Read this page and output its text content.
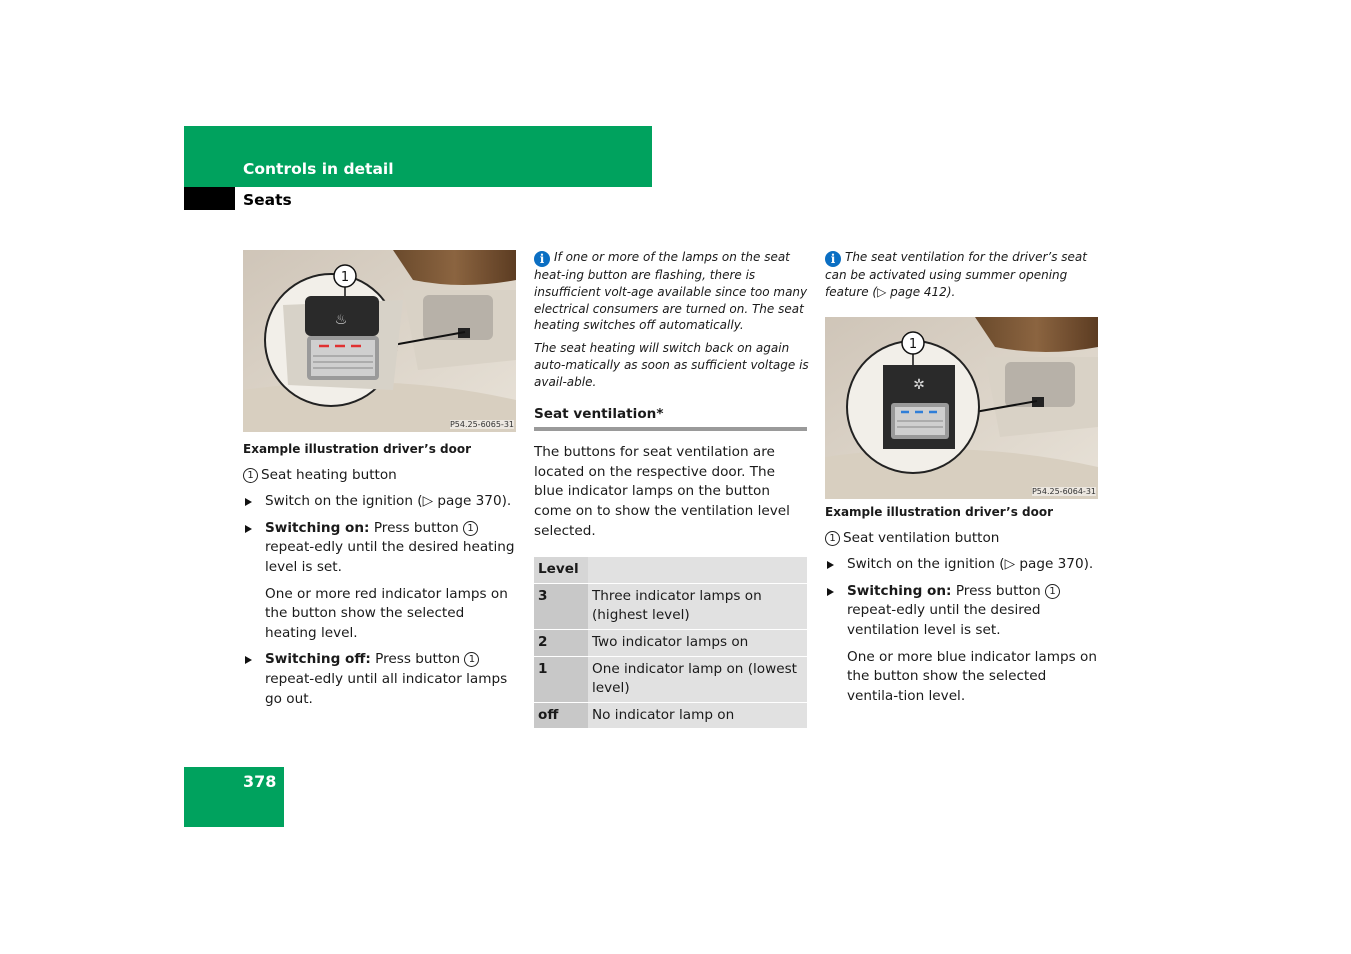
Controls in detail
Seats
♨
1
P54.25-6065-31
Example illustration driver’s door
1 Seat heating button
Switch on the ignition (▷ page 370).
Switching on: Press button 1 repeat-edly until the desired heating level is set.
One or more red indicator lamps on the button show the selected heating level.
Switching off: Press button 1 repeat-edly until all indicator lamps go out.
i If one or more of the lamps on the seat heat-ing button are flashing, there is insufficient volt-age available since too many electrical consumers are turned on. The seat heating switches off automatically.
The seat heating will switch back on again auto-matically as soon as sufficient voltage is avail-able.
Seat ventilation*
The buttons for seat ventilation are located on the respective door. The blue indicator lamps on the button come on to show the ventilation level selected.
Level	
3	Three indicator lamps on (highest level)
2	Two indicator lamps on
1	One indicator lamp on (lowest level)
off	No indicator lamp on
i The seat ventilation for the driver’s seat can be activated using summer opening feature (▷ page 412).
✲
1
P54.25-6064-31
Example illustration driver’s door
1 Seat ventilation button
Switch on the ignition (▷ page 370).
Switching on: Press button 1 repeat-edly until the desired ventilation level is set.
One or more blue indicator lamps on the button show the selected ventila-tion level.
378
